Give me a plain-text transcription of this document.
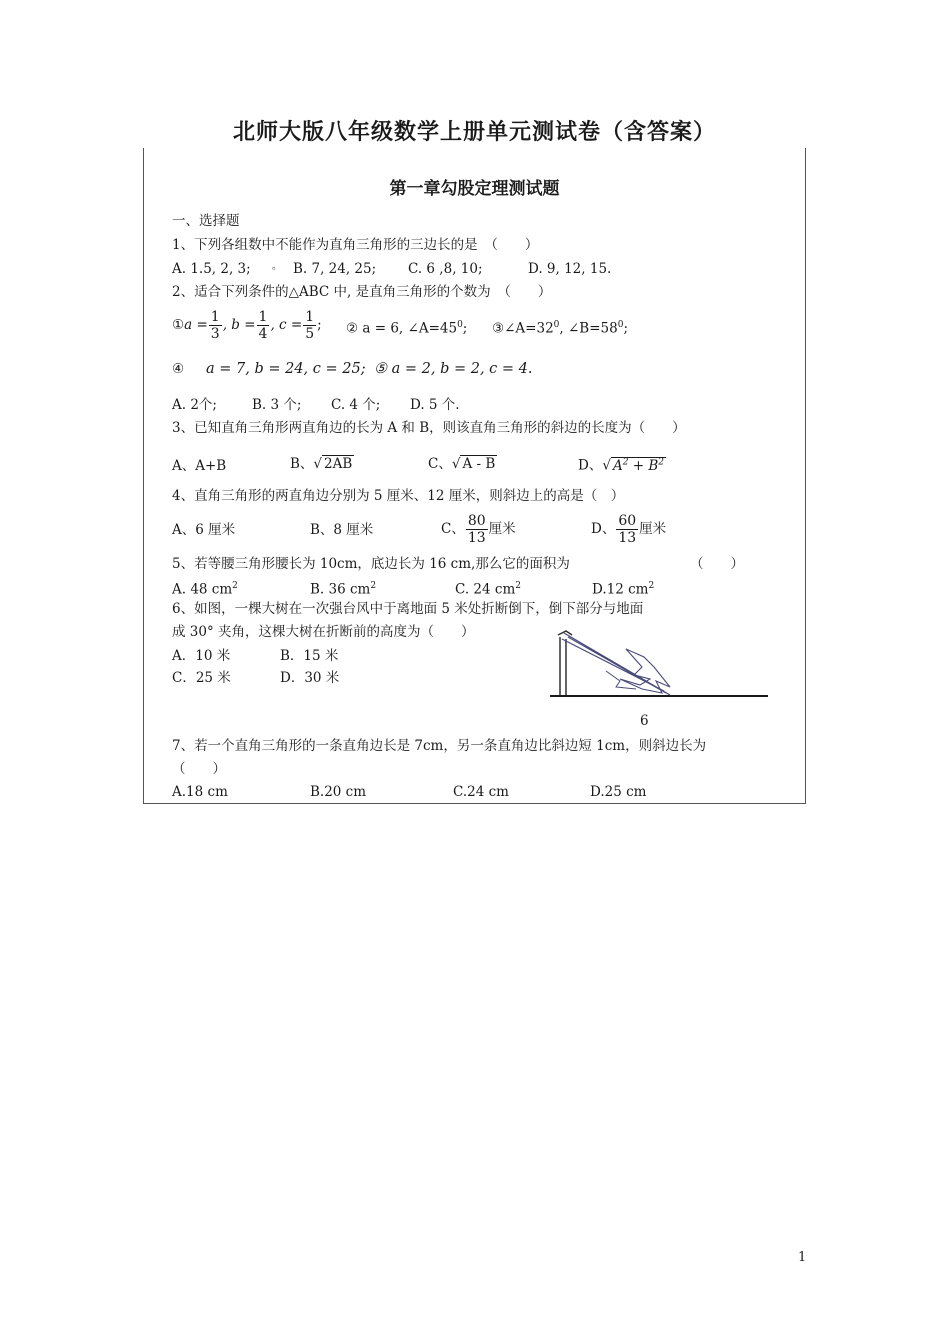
北师大版八年级数学上册单元测试卷（含答案）
第一章勾股定理测试题
一、选择题
1、下列各组数中不能作为直角三角形的三边长的是　（　　）
A. 1.5, 2, 3; 。 B. 7, 24, 25; C. 6 ,8, 10;	D. 9, 12, 15.
2、适合下列条件的△ABC 中, 是直角三角形的个数为　（　　）
① $a = \frac{1}{3}$ , $b = \frac{1}{4}$ , $c = \frac{1}{5}$ ; ② a = 6, $\angle A=45^0$; $③\angle A=32^0$, $\angle B=58^0$;
④ a = 7, b = 24, c = 25; ⑤ a = 2, b = 2, c = 4.
A. 2个;	B. 3 个; C. 4 个; D. 5 个.
3、已知直角三角形两直角边的长为 A 和 B，则该直角三角形的斜边的长度为（　　）
A、A+B	B、√ 2AB	C、√ A - B	D、√ $A^2 + B^2$
4、直角三角形的两直角边分别为 5 厘米、12 厘米，则斜边上的高是（　）
A、6 厘米	B、8 厘米	C、 $\frac{80}{13}$ 厘米	D、 $\frac{60}{13}$ 厘米
5、若等腰三角形腰长为 10cm，底边长为 16 cm,那么它的面积为	（　　）
A. 48 $cm^2$	B. 36 $cm^2$	C. 24 $cm^2$	D.12 $cm^2$
6、如图，一棵大树在一次强台风中于离地面 5 米处折断倒下，倒下部分与地面
成 30° 夹角，这棵大树在折断前的高度为（　　）
A．10 米	B．15 米
C．25 米	D．30 米
6
7、若一个直角三角形的一条直角边长是 7cm，另一条直角边比斜边短 1cm，则斜边长为
（　　）
A.18 cm	B.20 cm	C.24 cm	D.25 cm
1
